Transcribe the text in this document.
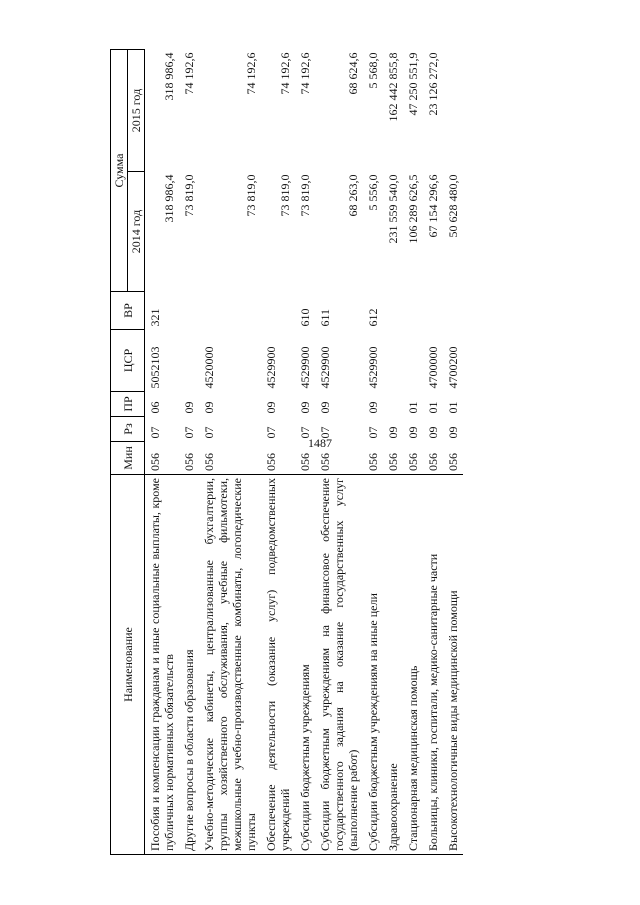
1487
Наименование	Мин	Рз	ПР	ЦСР	ВР	Сумма	
						2014 год	2015 год
Пособия и компенсации гражданам и иные социальные выплаты, кроме публичных нормативных обязательств	056	07	06	5052103	321	318 986,4	318 986,4
Другие вопросы в области образования	056	07	09			73 819,0	74 192,6
Учебно-методические кабинеты, централизованные бухгалтерии, группы хозяйственного обслуживания, учебные фильмотеки, межшкольные учебно-производственные комбинаты, логопедические пункты	056	07	09	4520000		73 819,0	74 192,6
Обеспечение деятельности (оказание услуг) подведомственных учреждений	056	07	09	4529900		73 819,0	74 192,6
Субсидии бюджетным учреждениям	056	07	09	4529900	610	73 819,0	74 192,6
Субсидии бюджетным учреждениям на финансовое обеспечение государственного задания на оказание государственных услуг (выполнение работ)	056	07	09	4529900	611	68 263,0	68 624,6
Субсидии бюджетным учреждениям на иные цели	056	07	09	4529900	612	5 556,0	5 568,0
Здравоохранение	056	09				231 559 540,0	162 442 855,8
Стационарная медицинская помощь	056	09	01			106 289 626,5	47 250 551,9
Больницы, клиники, госпитали, медико-санитарные части	056	09	01	4700000		67 154 296,6	23 126 272,0
Высокотехнологичные виды медицинской помощи	056	09	01	4700200		50 628 480,0	
